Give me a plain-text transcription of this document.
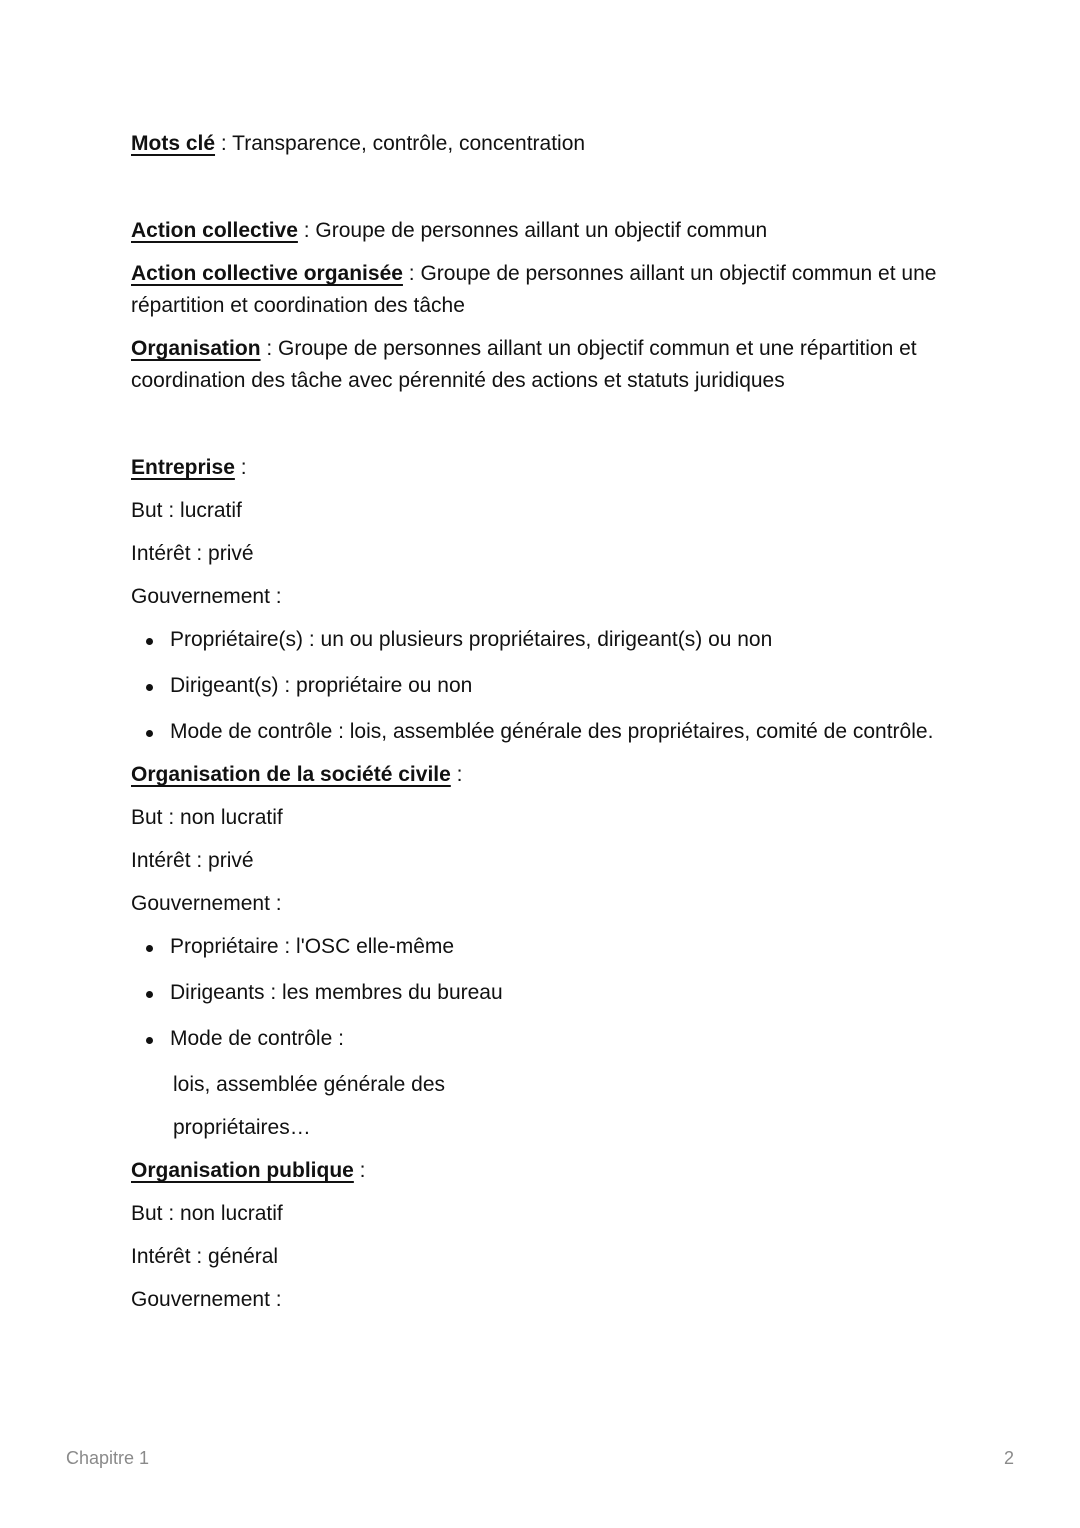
Mots clé : Transparence, contrôle, concentration

Action collective : Groupe de personnes aillant un objectif commun

Action collective organisée : Groupe de personnes aillant un objectif commun et une répartition et coordination des tâche

Organisation : Groupe de personnes aillant un objectif commun et une répartition et coordination des tâche avec pérennité des actions et statuts juridiques

Entreprise :

But : lucratif

Intérêt : privé

Gouvernement :

Propriétaire(s) : un ou plusieurs propriétaires, dirigeant(s) ou non
Dirigeant(s) : propriétaire ou non
Mode de contrôle : lois, assemblée générale des propriétaires, comité de contrôle.

Organisation de la société civile :

But : non lucratif

Intérêt : privé

Gouvernement :

Propriétaire : l'OSC elle-même
Dirigeants : les membres du bureau
Mode de contrôle :

lois, assemblée générale des

propriétaires…

Organisation publique :

But : non lucratif

Intérêt : général

Gouvernement :

Chapitre 1	2
